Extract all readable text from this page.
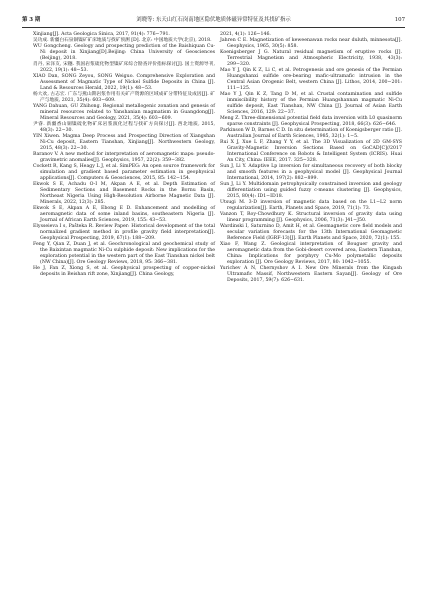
第 3 期	刘晓等: 东天山红石岗南地区隐伏地质体磁异常特征及其找矿指示	107

Xinjiang[J]. Acta Geologica Sinica, 2017, 91(4): 776−791.

吴功成. 新疆白石泉铜镍矿矿床地质与找矿预测 [D]. 北京: 中国地质大学(北京), 2018.

WU Gongcheng. Geology and prospecting prediction of the Baishiquan Cu-Ni deposit in Xinjiang[D].Beijing: China University of Geosciences (Beijing), 2018.

肖丹, 宋泽友, 宋穗. 我国岩浆硫化物型镍矿床综合勘查评价指标探讨[J]. 国土资源导刊, 2022, 19(1): 48−53.

XIAO Dan, SONG Zeyou, SONG Weiguo. Comprehensive Exploration and Assessment of Magmatic Type of Nickel Sulfide Deposits in China [J]. Land & Resources Herald, 2022, 19(1): 48−53.

杨大欢, 古志宏. 广东与燕山期岩浆作用有关矿产资源的区域成矿分带特征及成因[J]. 矿产与地质, 2021, 35(4): 603−609.

YANG Dahuan, GU Zhihong. Regional metallogenic zonation and genesis of mineral resources related to Yanshanian magmatism in Guangdong[J]. Mineral Resources and Geology, 2021, 35(4): 603−609.

尹睿. 新疆香山铜镍硫化物矿床岩浆演化过程与找矿方向探讨[J]. 西北地质, 2015, 48(3): 22−30.

YIN Xiwen. Magma Deep Process and Prospecting Direction of Xiangshan Ni-Cu deposit, Eastern Tianshan, Xinjiang[J]. Northwestern Geology, 2015, 48(3): 22−30.

Baranov V. A new method for interpretation of aeromagnetic maps: pseudo-gravimetric anomalies[J]. Geophysics, 1957, 22(2): 359−382.

Cockett R, Kang S, Heagy L J, et al. SimPEG: An open source framework for simulation and gradient based parameter estimation in geophysical applications[J]. Computers & Geosciences, 2015, 85: 142−154.

Ekwok S E, Achadu O-I M, Akpan A E, et al. Depth Estimation of Sedimentary Sections and Basement Rocks in the Bornu Basin, Northeast Nigeria Using High-Resolution Airborne Magnetic Data [J]. Minerals, 2022, 12(3): 285.

Ekwok S E, Akpan A E, Ebong E D. Enhancement and modelling of aeromagnetic data of some inland basins, southeastern Nigeria [J]. Journal of African Earth Sciences, 2019, 155: 43−53.

Elysseieva I s, Pašteka R. Review Paper: Historical development of the total normalized gradient method in profile gravity field interpretation[J]. Geophysical Prospecting, 2019, 67(1): 188−209.

Feng Y, Qian Z, Duan J, et al. Geochronological and geochemical study of the Baixintan magmatic Ni-Cu sulphide deposit: New implications for the exploration potential in the western part of the East Tianshan nickel belt (NW China)[J]. Ore Geology Reviews, 2018, 95: 366−381.

He J, Fan Z, Xiong S, et al. Geophysical prospecting of copper-nickel deposits in Beishan rift zone, Xinjiang[J]. China Geology,

2021, 4(1): 126−146.

Jahren C E. Magnetization of keweenawan rocks near duluth, minnesota[J]. Geophysics, 1965, 30(5): 858.

Koenigsberger J G. Natural residual magnetism of eruptive rocks [J]. Terrestrial Magnetism and Atmospheric Electricity, 1938, 43(3): 299−320.

Mao Y J, Qin K Z, Li C, et al. Petrogenesis and ore genesis of the Permian Huangshanxi sulfide ore-bearing mafic-ultramafic intrusion in the Central Asian Orogenic Belt, western China [J]. Lithos, 2014, 200−201: 111−125.

Mao Y J, Qin K Z, Tang D M, et al. Crustal contamination and sulfide immiscibility history of the Permian Huangshannan magmatic Ni-Cu sulfide deposit, East Tianshan, NW China [J]. Journal of Asian Earth Sciences, 2016, 129: 22−37.

Meng Z. Three-dimensional potential field data inversion with L0 quasinorm sparse constraints [J]. Geophysical Prospecting, 2018, 66(3): 626−646.

Parkinson W D, Barnes C D. In situ determination of Koenigsberger ratio [J]. Australian Journal of Earth Sciences, 1985, 32(1): 1−5.

Rui X J, Xue L F, Zhang Y Y, et al. The 3D Visualization of 2D GM-SYS Gravity-Magnetic Inversion Sections Based on GoCAD[C]//2017 International Conference on Robots & Intelligent System (ICRIS). Huai An City, China: IEEE, 2017. 325−328.

Sun J, Li Y. Adaptive Lp inversion for simultaneous recovery of both blocky and smooth features in a geophysical model [J]. Geophysical Journal International, 2014, 197(2): 882−899.

Sun J, Li Y. Multidomain petrophysically constrained inversion and geology differentiation using guided fuzzy c-means clustering [J]. Geophysics, 2015, 80(4): ID1−ID18.

Utsugi M. 3-D inversion of magnetic data based on the L1−L2 norm regularization[J]. Earth, Planets and Space, 2019, 71(1): 73.

Vanzon T, Roy-Chowdhury K. Structural inversion of gravity data using linear programming [J]. Geophysics, 2006, 71(3): J41−J50.

Wardinski I, Saturnino D, Amit H, et al. Geomagnetic core field models and secular variation forecasts for the 13th International Geomagnetic Reference Field (IGRF-13)[J]. Earth Planets and Space, 2020, 72(1): 155.

Xiao F, Wang Z. Geological interpretation of Bouguer gravity and aeromagnetic data from the Gobi-desert covered area, Eastern Tianshan, China: Implications for porphyry Cu-Mo polymetallic deposits exploration [J]. Ore Geology Reviews, 2017, 80: 1042−1055.

Yurichev A N, Chernyshov A I. New Ore Minerals from the Kingash Ultramafic Massif, Northwestern Eastern Sayan[J]. Geology of Ore Deposits, 2017, 59(7): 626−631.
